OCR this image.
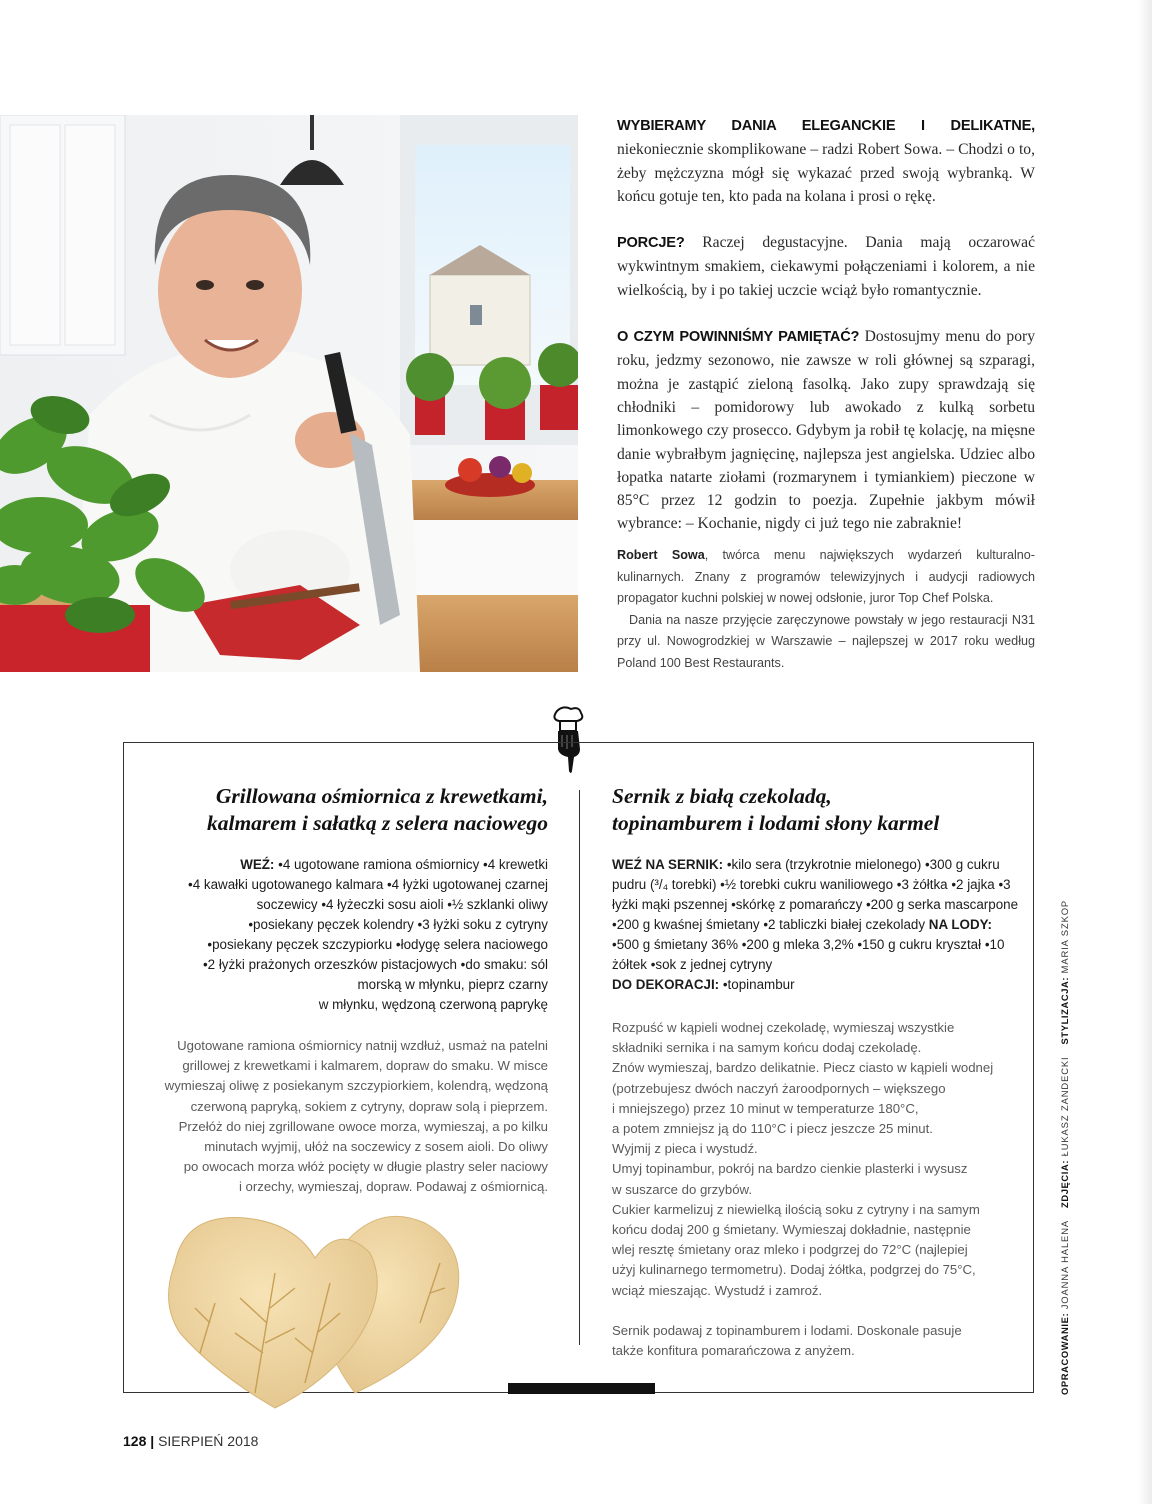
WYBIERAMY DANIA ELEGANCKIE I DELIKATNE, niekoniecznie skomplikowane – radzi Robert Sowa. – Chodzi o to, żeby mężczyzna mógł się wykazać przed swoją wybranką. W końcu gotuje ten, kto pada na kolana i prosi o rękę.

PORCJE? Raczej degustacyjne. Dania mają oczarować wykwintnym smakiem, ciekawymi połączeniami i kolorem, a nie wielkością, by i po takiej uczcie wciąż było romantycznie.

O CZYM POWINNIŚMY PAMIĘTAĆ? Dostosujmy menu do pory roku, jedzmy sezonowo, nie zawsze w roli głównej są szparagi, można je zastąpić zieloną fasolką. Jako zupy sprawdzają się chłodniki – pomidorowy lub awokado z kulką sorbetu limonkowego czy prosecco. Gdybym ja robił tę kolację, na mięsne danie wybrałbym jagnięcinę, najlepsza jest angielska. Udziec albo łopatka natarte ziołami (rozmarynem i tymiankiem) pieczone w 85°C przez 12 godzin to poezja. Zupełnie jakbym mówił wybrance: – Kochanie, nigdy ci już tego nie zabraknie!

Robert Sowa, twórca menu największych wydarzeń kulturalno-kulinarnych. Znany z programów telewizyjnych i audycji radiowych propagator kuchni polskiej w nowej odsłonie, juror Top Chef Polska.

Dania na nasze przyjęcie zaręczynowe powstały w jego restauracji N31 przy ul. Nowogrodzkiej w Warszawie – najlepszej w 2017 roku według Poland 100 Best Restaurants.

Grillowana ośmiornica z krewetkami,
kalmarem i sałatką z selera naciowego
WEŹ: •4 ugotowane ramiona ośmiornicy •4 krewetki
•4 kawałki ugotowanego kalmara •4 łyżki ugotowanej czarnej
soczewicy •4 łyżeczki sosu aioli •½ szklanki oliwy
•posiekany pęczek kolendry •3 łyżki soku z cytryny
•posiekany pęczek szczypiorku •łodygę selera naciowego
•2 łyżki prażonych orzeszków pistacjowych •do smaku: sól
morską w młynku, pieprz czarny
w młynku, wędzoną czerwoną paprykę
Ugotowane ramiona ośmiornicy natnij wzdłuż, usmaż na patelni
grillowej z krewetkami i kalmarem, dopraw do smaku. W misce
wymieszaj oliwę z posiekanym szczypiorkiem, kolendrą, wędzoną
czerwoną papryką, sokiem z cytryny, dopraw solą i pieprzem.
Przełóż do niej zgrillowane owoce morza, wymieszaj, a po kilku
minutach wyjmij, ułóż na soczewicy z sosem aioli. Do oliwy
po owocach morza włóż pocięty w długie plastry seler naciowy
i orzechy, wymieszaj, dopraw. Podawaj z ośmiornicą.
Sernik z białą czekoladą,
topinamburem i lodami słony karmel
WEŹ NA SERNIK: •kilo sera (trzykrotnie mielonego) •300 g cukru pudru (³/₄ torebki) •½ torebki cukru waniliowego •3 żółtka •2 jajka •3 łyżki mąki pszennej •skórkę z pomarańczy •200 g serka mascarpone •200 g kwaśnej śmietany •2 tabliczki białej czekolady NA LODY: •500 g śmietany 36% •200 g mleka 3,2% •150 g cukru kryształ •10 żółtek •sok z jednej cytryny
DO DEKORACJI: •topinambur
Rozpuść w kąpieli wodnej czekoladę, wymieszaj wszystkie
składniki sernika i na samym końcu dodaj czekoladę.
Znów wymieszaj, bardzo delikatnie. Piecz ciasto w kąpieli wodnej
(potrzebujesz dwóch naczyń żaroodpornych – większego
i mniejszego) przez 10 minut w temperaturze 180°C,
a potem zmniejsz ją do 110°C i piecz jeszcze 25 minut.
Wyjmij z pieca i wystudź.
Umyj topinambur, pokrój na bardzo cienkie plasterki i wysusz
w suszarce do grzybów.
Cukier karmelizuj z niewielką ilością soku z cytryny i na samym
końcu dodaj 200 g śmietany. Wymieszaj dokładnie, następnie
wlej resztę śmietany oraz mleko i podgrzej do 72°C (najlepiej
użyj kulinarnego termometru). Dodaj żółtka, podgrzej do 75°C,
wciąż mieszając. Wystudź i zamroź.

Sernik podawaj z topinamburem i lodami. Doskonale pasuje
także konfitura pomarańczowa z anyżem.	OPRACOWANIE: JOANNA HALENAZDJĘCIA: ŁUKASZ ZANDECKISTYLIZACJA: MARIA SZKOP
128 | SIERPIEŃ 2018
